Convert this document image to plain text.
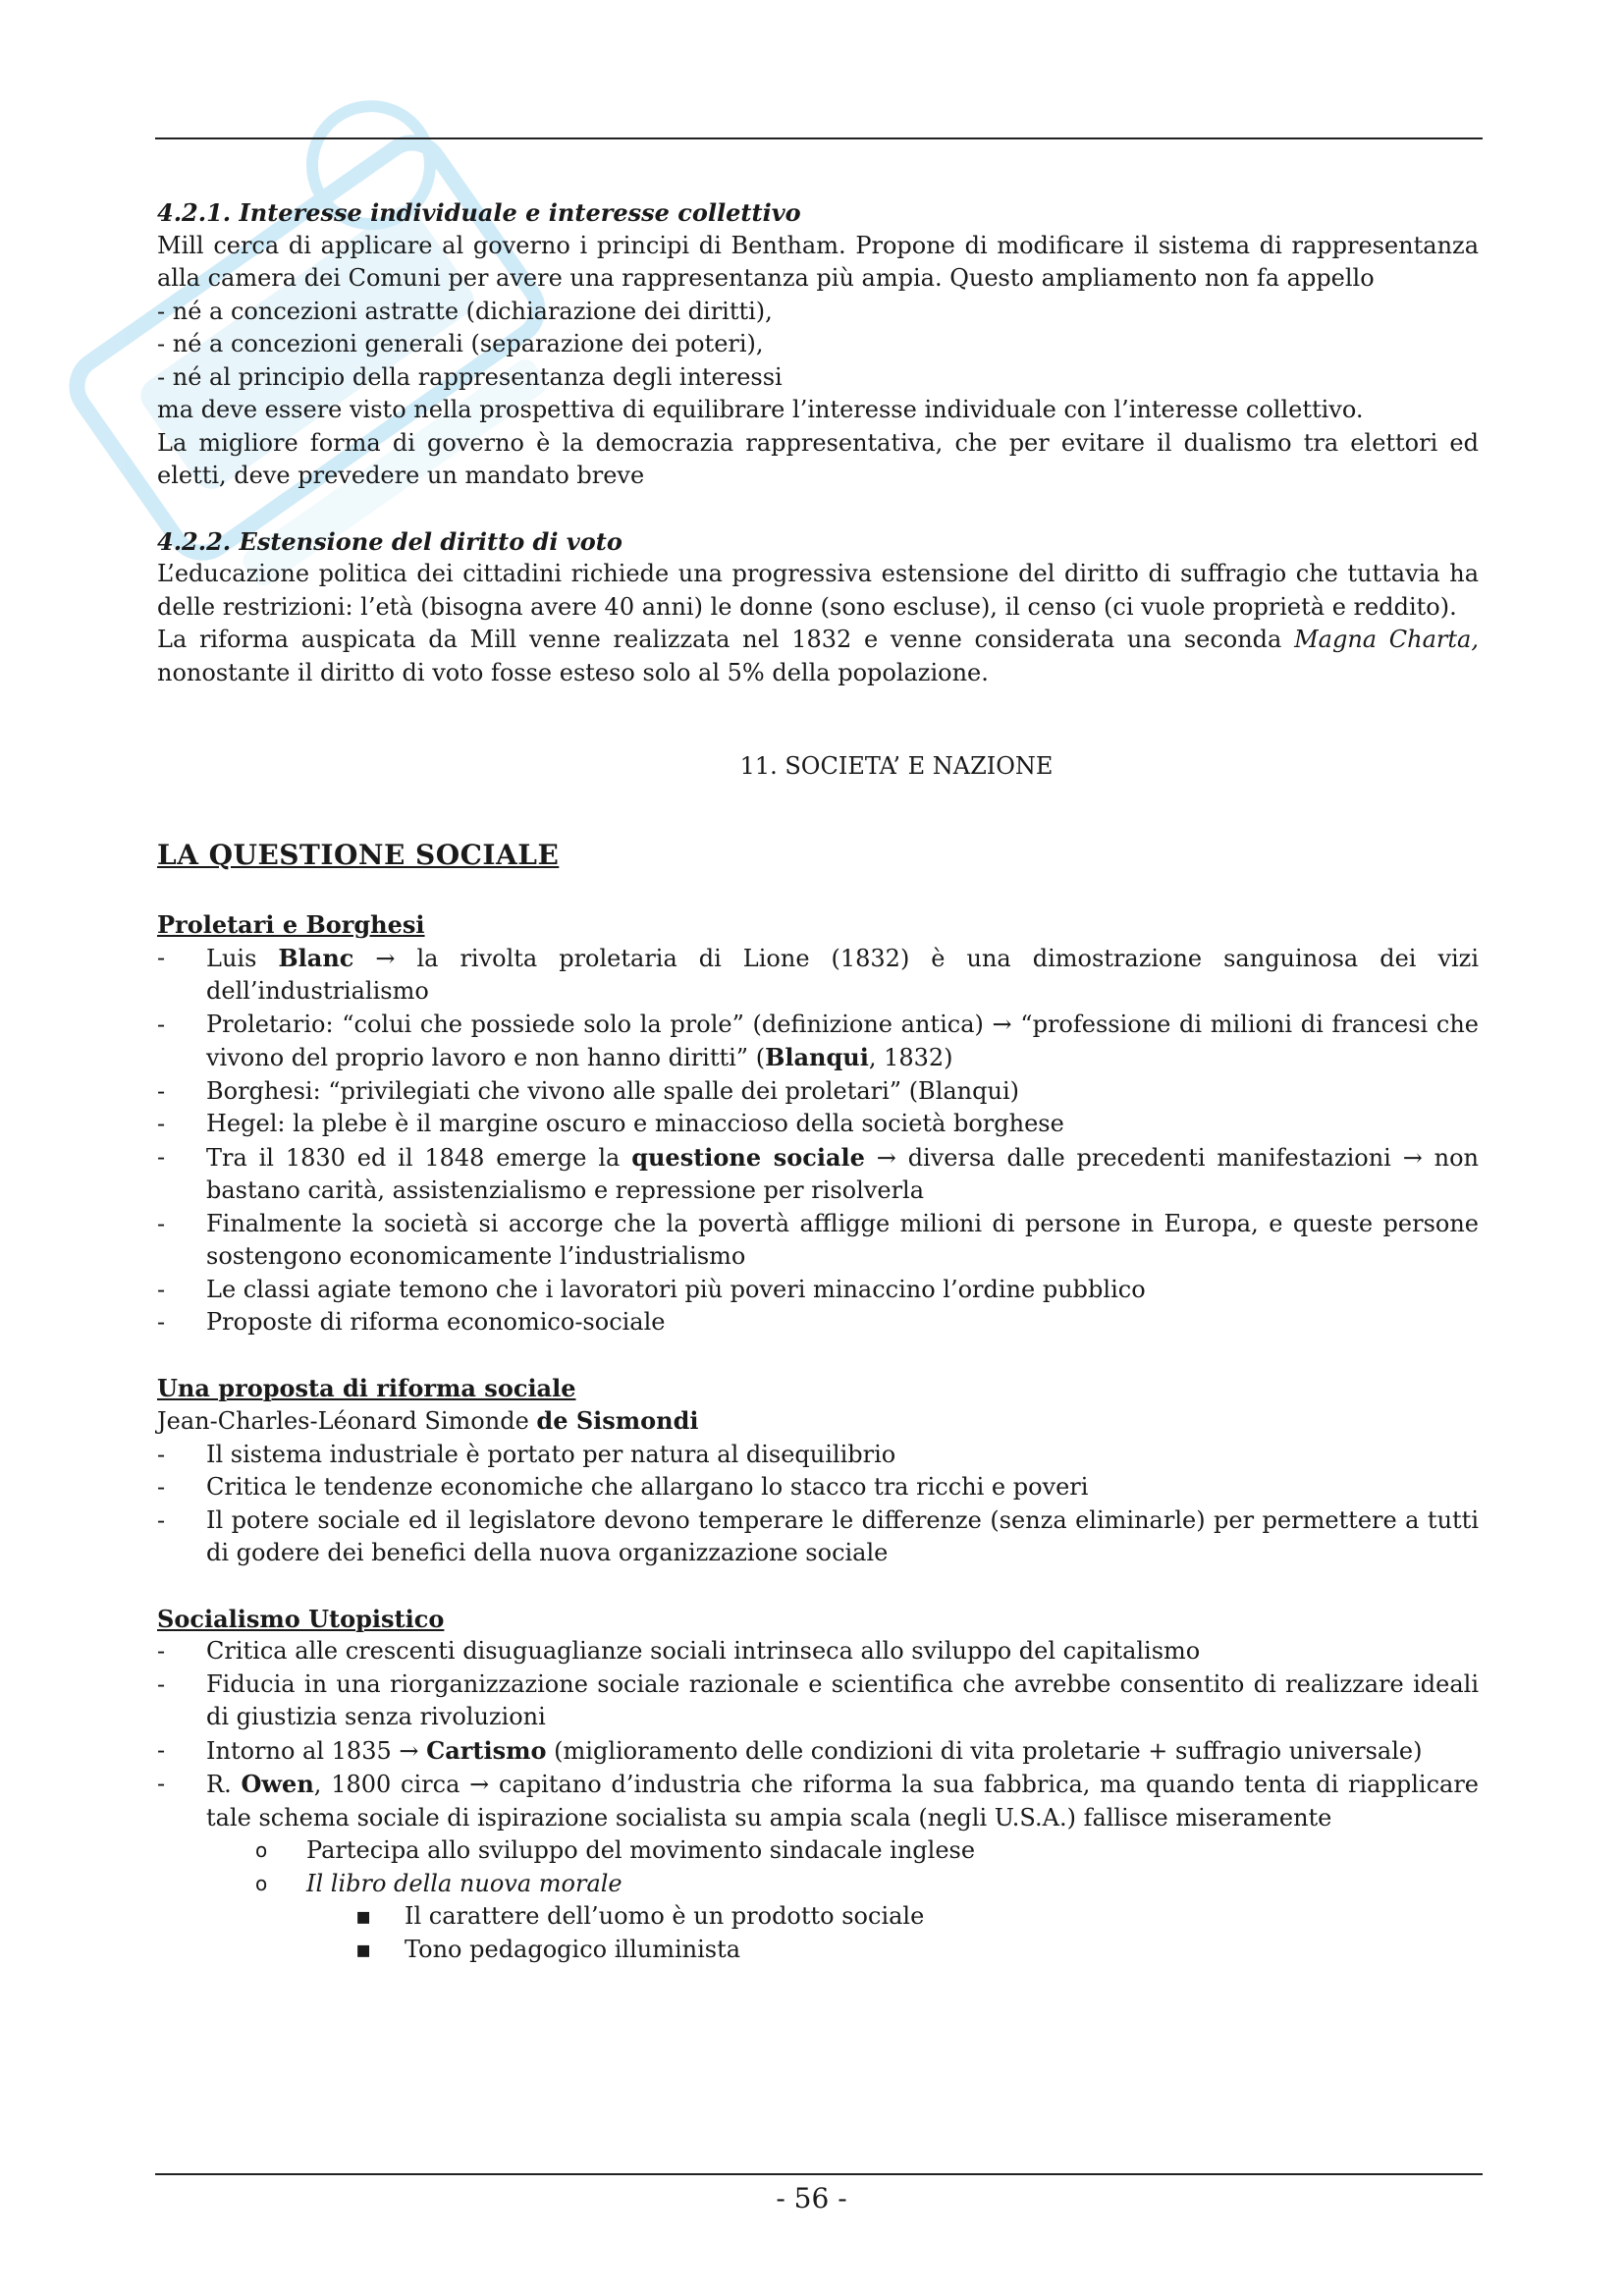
4.2.1. Interesse individuale e interesse collettivo

Mill cerca di applicare al governo i principi di Bentham. Propone di modificare il sistema di rappresentanza alla camera dei Comuni per avere una rappresentanza più ampia. Questo ampliamento non fa appello

- né a concezioni astratte (dichiarazione dei diritti),

- né a concezioni generali (separazione dei poteri),

- né al principio della rappresentanza degli interessi

ma deve essere visto nella prospettiva di equilibrare l’interesse individuale con l’interesse collettivo.

La migliore forma di governo è la democrazia rappresentativa, che per evitare il dualismo tra elettori ed eletti, deve prevedere un mandato breve

4.2.2. Estensione del diritto di voto

L’educazione politica dei cittadini richiede una progressiva estensione del diritto di suffragio che tuttavia ha delle restrizioni: l’età (bisogna avere 40 anni) le donne (sono escluse), il censo (ci vuole proprietà e reddito).

La riforma auspicata da Mill venne realizzata nel 1832 e venne considerata una seconda Magna Charta, nonostante il diritto di voto fosse esteso solo al 5% della popolazione.

11. SOCIETA’ E NAZIONE

LA QUESTIONE SOCIALE

Proletari e Borghesi

- Luis Blanc → la rivolta proletaria di Lione (1832) è una dimostrazione sanguinosa dei vizi dell’industrialismo
- Proletario: “colui che possiede solo la prole” (definizione antica) → “professione di milioni di francesi che vivono del proprio lavoro e non hanno diritti” (Blanqui, 1832)
- Borghesi: “privilegiati che vivono alle spalle dei proletari” (Blanqui)
- Hegel: la plebe è il margine oscuro e minaccioso della società borghese
- Tra il 1830 ed il 1848 emerge la questione sociale → diversa dalle precedenti manifestazioni → non bastano carità, assistenzialismo e repressione per risolverla
- Finalmente la società si accorge che la povertà affligge milioni di persone in Europa, e queste persone sostengono economicamente l’industrialismo
- Le classi agiate temono che i lavoratori più poveri minaccino l’ordine pubblico
- Proposte di riforma economico-sociale

Una proposta di riforma sociale

Jean-Charles-Léonard Simonde de Sismondi

- Il sistema industriale è portato per natura al disequilibrio
- Critica le tendenze economiche che allargano lo stacco tra ricchi e poveri
- Il potere sociale ed il legislatore devono temperare le differenze (senza eliminarle) per permettere a tutti di godere dei benefici della nuova organizzazione sociale

Socialismo Utopistico

- Critica alle crescenti disuguaglianze sociali intrinseca allo sviluppo del capitalismo
- Fiducia in una riorganizzazione sociale razionale e scientifica che avrebbe consentito di realizzare ideali di giustizia senza rivoluzioni
- Intorno al 1835 → Cartismo (miglioramento delle condizioni di vita proletarie + suffragio universale)
- R. Owen, 1800 circa → capitano d’industria che riforma la sua fabbrica, ma quando tenta di riapplicare tale schema sociale di ispirazione socialista su ampia scala (negli U.S.A.) fallisce miseramente
o Partecipa allo sviluppo del movimento sindacale inglese
o Il libro della nuova morale
▪ Il carattere dell’uomo è un prodotto sociale
▪ Tono pedagogico illuminista
- 56 -
